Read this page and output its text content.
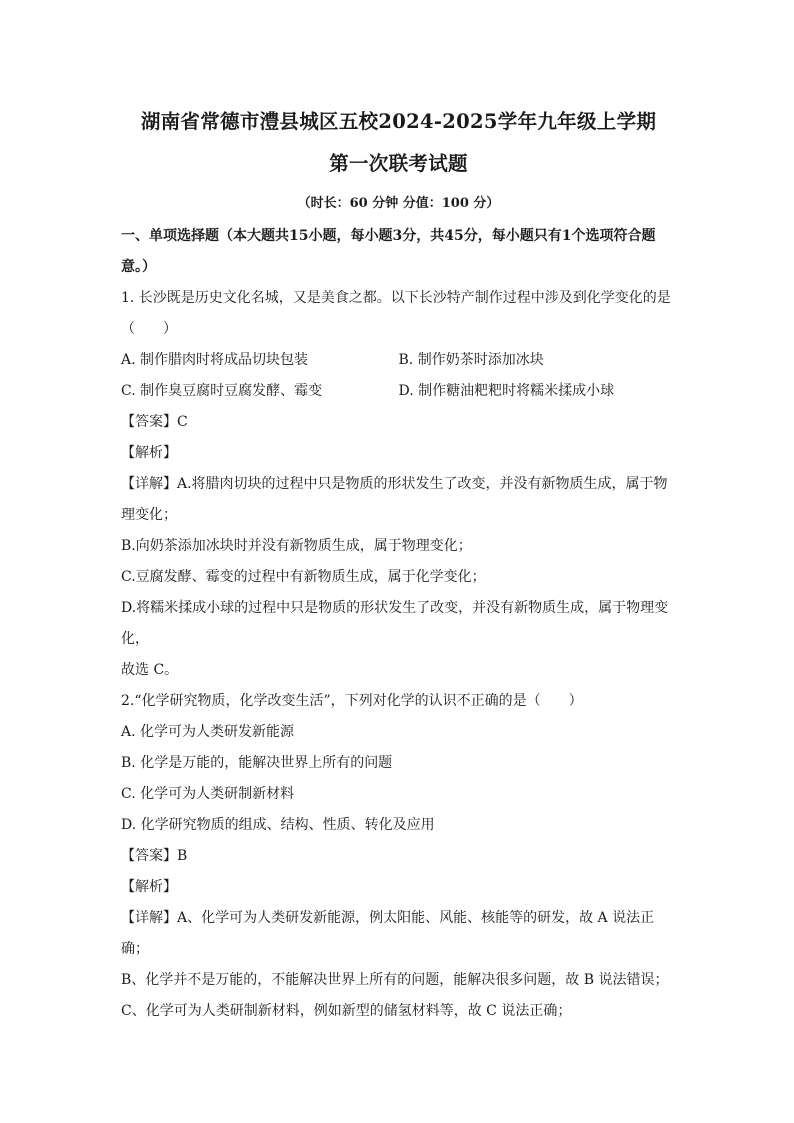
湖南省常德市澧县城区五校2024-2025学年九年级上学期
第一次联考试题
（时长：60 分钟 分值：100 分）
一、单项选择题（本大题共15小题，每小题3分，共45分，每小题只有1个选项符合题
意。）

1. 长沙既是历史文化名城，又是美食之都。以下长沙特产制作过程中涉及到化学变化的是

（　　）

A. 制作腊肉时将成品切块包装	B. 制作奶茶时添加冰块
C. 制作臭豆腐时豆腐发酵、霉变	D. 制作糖油粑粑时将糯米揉成小球

【答案】C

【解析】

【详解】A.将腊肉切块的过程中只是物质的形状发生了改变，并没有新物质生成，属于物

理变化；

B.向奶茶添加冰块时并没有新物质生成，属于物理变化；

C.豆腐发酵、霉变的过程中有新物质生成，属于化学变化；

D.将糯米揉成小球的过程中只是物质的形状发生了改变，并没有新物质生成，属于物理变

化，

故选 C。

2.“化学研究物质，化学改变生活”，下列对化学的认识不正确的是（　　）

A. 化学可为人类研发新能源

B. 化学是万能的，能解决世界上所有的问题

C. 化学可为人类研制新材料

D. 化学研究物质的组成、结构、性质、转化及应用

【答案】B

【解析】

【详解】A、化学可为人类研发新能源，例太阳能、风能、核能等的研发，故 A 说法正

确；

B、化学并不是万能的，不能解决世界上所有的问题，能解决很多问题，故 B 说法错误；

C、化学可为人类研制新材料，例如新型的储氢材料等，故 C 说法正确；
